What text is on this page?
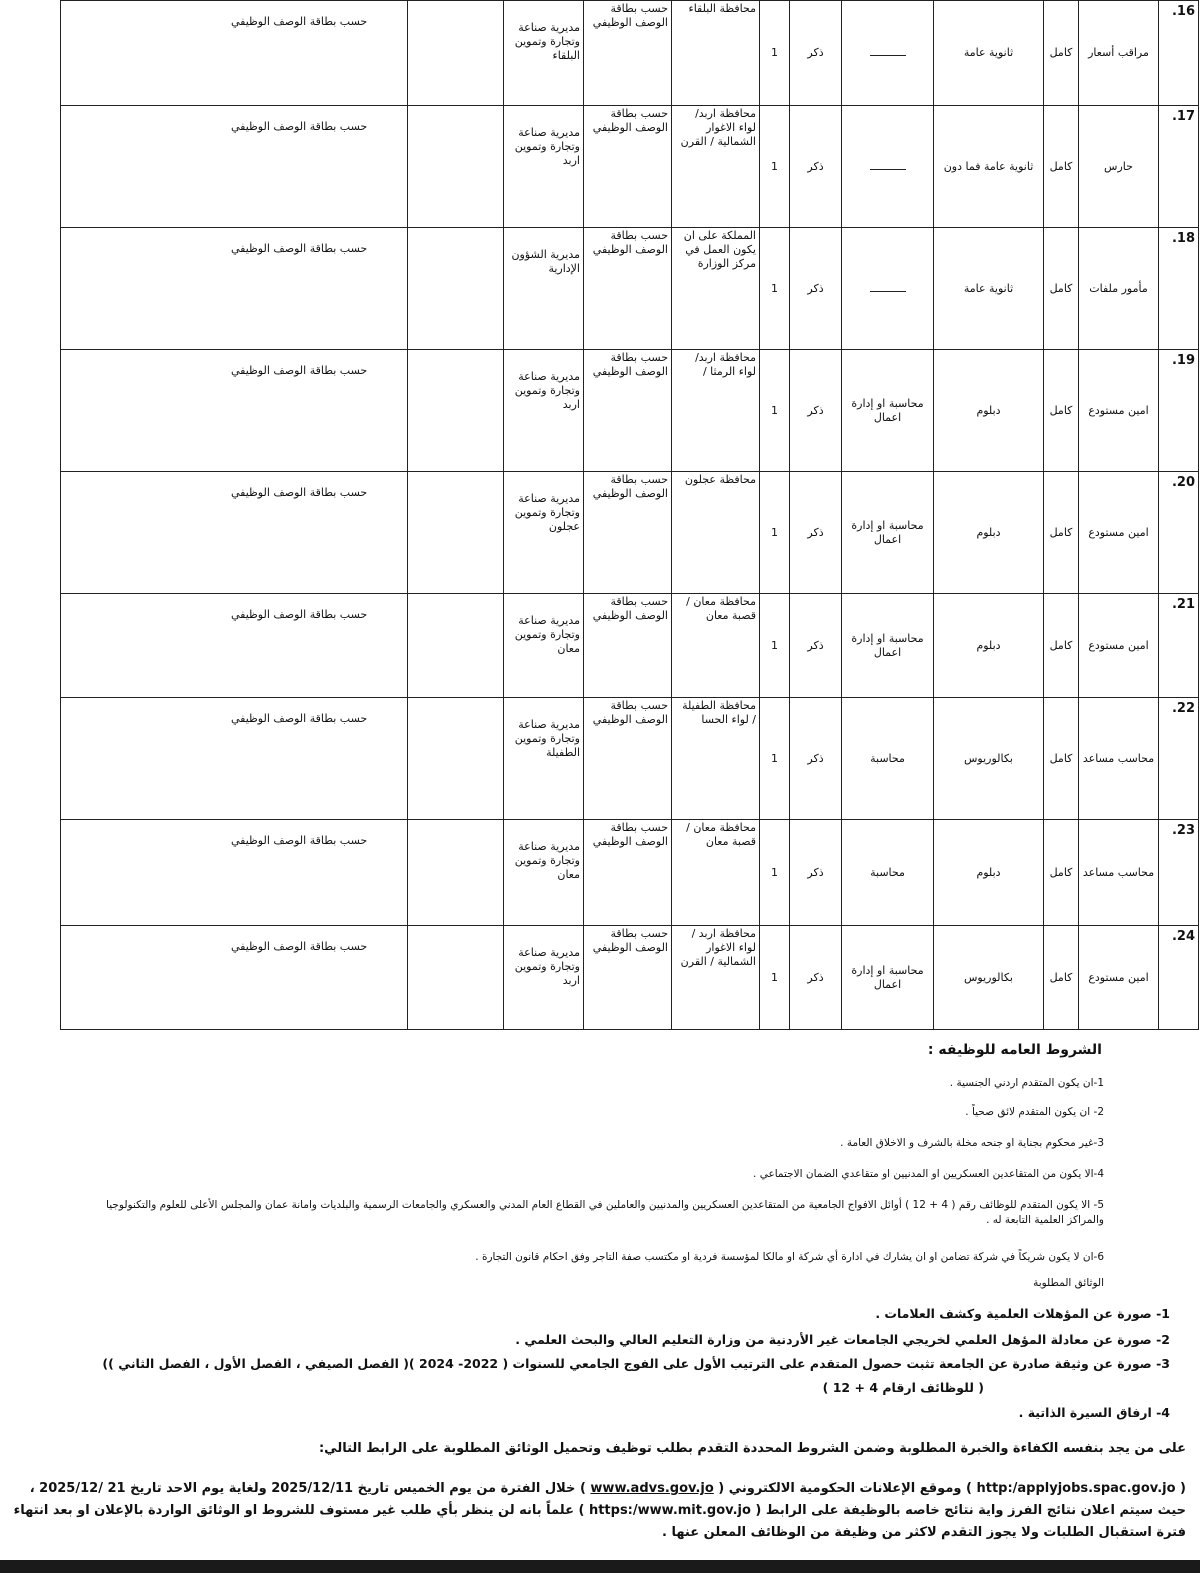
.16	مراقب أسعار	كامل	ثانوية عامة		ذكر	1	محافظة البلقاء	حسب بطاقة الوصف الوظيفي	مديرية صناعة وتجارة وتموين البلقاء		حسب بطاقة الوصف الوظيفي
.17	حارس	كامل	ثانوية عامة فما دون		ذكر	1	محافظة اربد/ لواء الاغوار الشمالية / القرن	حسب بطاقة الوصف الوظيفي	مديرية صناعة وتجارة وتموين اربد		حسب بطاقة الوصف الوظيفي
.18	مأمور ملفات	كامل	ثانوية عامة		ذكر	1	المملكة على ان يكون العمل في مركز الوزارة	حسب بطاقة الوصف الوظيفي	مديرية الشؤون الإدارية		حسب بطاقة الوصف الوظيفي
.19	امين مستودع	كامل	دبلوم	محاسبة او إدارة اعمال	ذكر	1	محافظة اربد/ لواء الرمثا /	حسب بطاقة الوصف الوظيفي	مديرية صناعة وتجارة وتموين اربد		حسب بطاقة الوصف الوظيفي
.20	امين مستودع	كامل	دبلوم	محاسبة او إدارة اعمال	ذكر	1	محافظة عجلون	حسب بطاقة الوصف الوظيفي	مديرية صناعة وتجارة وتموين عجلون		حسب بطاقة الوصف الوظيفي
.21	امين مستودع	كامل	دبلوم	محاسبة او إدارة اعمال	ذكر	1	محافظة معان / قصبة معان	حسب بطاقة الوصف الوظيفي	مديرية صناعة وتجارة وتموين معان		حسب بطاقة الوصف الوظيفي
.22	محاسب مساعد	كامل	بكالوريوس	محاسبة	ذكر	1	محافظة الطفيلة / لواء الحسا	حسب بطاقة الوصف الوظيفي	مديرية صناعة وتجارة وتموين الطفيلة		حسب بطاقة الوصف الوظيفي
.23	محاسب مساعد	كامل	دبلوم	محاسبة	ذكر	1	محافظة معان / قصبة معان	حسب بطاقة الوصف الوظيفي	مديرية صناعة وتجارة وتموين معان		حسب بطاقة الوصف الوظيفي
.24	امين مستودع	كامل	بكالوريوس	محاسبة او إدارة اعمال	ذكر	1	محافظة اربد / لواء الاغوار الشمالية / القرن	حسب بطاقة الوصف الوظيفي	مديرية صناعة وتجارة وتموين اربد		حسب بطاقة الوصف الوظيفي
الشروط العامه للوظيفه :
1-ان يكون المتقدم اردني الجنسية .
2- ان يكون المتقدم لائق صحياً .
3-غير محكوم بجناية او جنحه مخلة بالشرف و الاخلاق العامة .
4-الا يكون من المتقاعدين العسكريين او المدنيين او متقاعدي الضمان الاجتماعي .
5- الا يكون المتقدم للوظائف رقم ( 4 + 12 ) أوائل الافواج الجامعية من المتقاعدين العسكريين والمدنيين والعاملين في القطاع العام المدني والعسكري والجامعات الرسمية والبلديات وامانة عمان والمجلس الأعلى للعلوم والتكنولوجيا والمراكز العلمية التابعة له .
6-ان لا يكون شريكاً في شركة تضامن او ان يشارك في ادارة أي شركة او مالكا لمؤسسة فردية او مكتسب صفة التاجر وفق احكام قانون التجارة .
الوثائق المطلوبة
1- صورة عن المؤهلات العلمية وكشف العلامات .
2- صورة عن معادلة المؤهل العلمي لخريجي الجامعات غير الأردنية من وزارة التعليم العالي والبحث العلمي .
3- صورة عن وثيقة صادرة عن الجامعة تثبت حصول المتقدم على الترتيب الأول على الفوج الجامعي للسنوات ( 2022- 2024 )( الفصل الصيفي ، الفصل الأول ، الفصل الثاني ))
( للوظائف ارقام 4 + 12 )
4- ارفاق السيرة الذاتية .
على من يجد بنفسه الكفاءة والخبرة المطلوبة وضمن الشروط المحددة التقدم بطلب توظيف وتحميل الوثائق المطلوبة على الرابط التالي:
( http:/applyjobs.spac.gov.jo ) وموقع الإعلانات الحكومية الالكتروني ( www.advs.gov.jo ) خلال الفترة من يوم الخميس تاريخ 2025/12/11 ولغاية يوم الاحد تاريخ 21 /2025/12 ، حيث سيتم اعلان نتائج الفرز واية نتائج خاصه بالوظيفة على الرابط ( https:/www.mit.gov.jo ) علماً بانه لن ينظر بأي طلب غير مستوف للشروط او الوثائق الواردة بالإعلان او بعد انتهاء فترة استقبال الطلبات ولا يجوز التقدم لاكثر من وظيفة من الوظائف المعلن عنها .
